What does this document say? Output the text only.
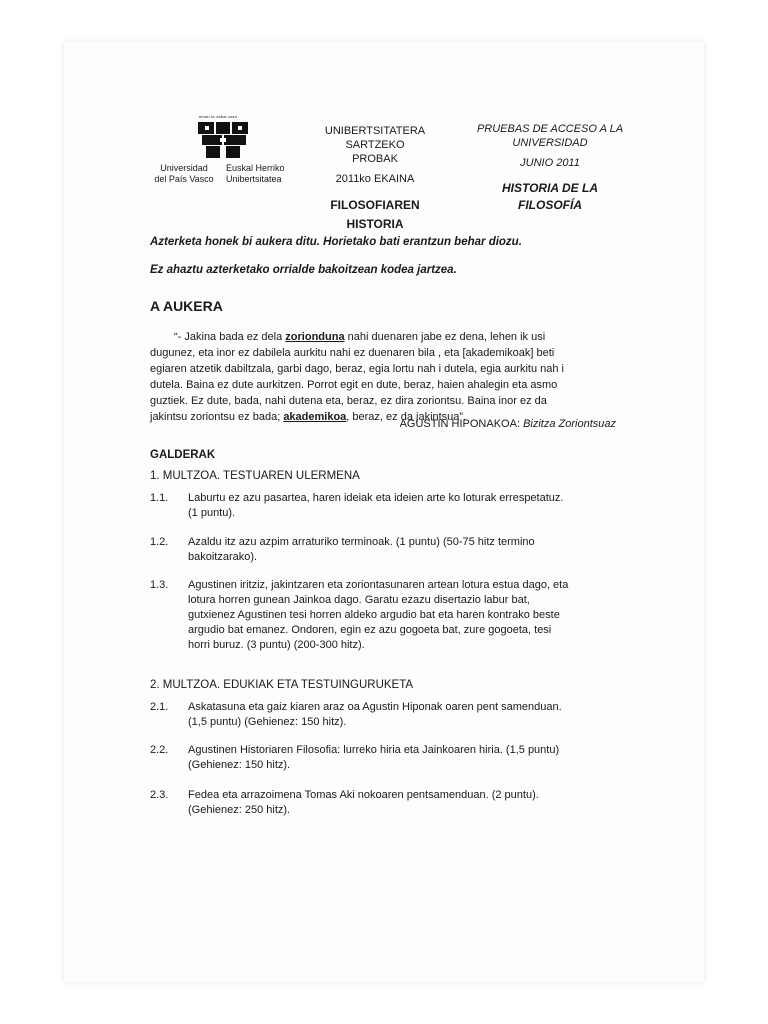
eman ta zabal zazu
Universidad
del País Vasco
Euskal Herriko
Unibertsitatea
UNIBERTSITATERA SARTZEKO
PROBAK
2011ko EKAINA
FILOSOFIAREN
HISTORIA
PRUEBAS DE ACCESO A LA
UNIVERSIDAD
JUNIO 2011
HISTORIA DE LA
FILOSOFÍA
Azterketa honek bi aukera ditu. Horietako bati erantzun behar diozu.
Ez ahaztu azterketako orrialde bakoitzean kodea jartzea.
A AUKERA
“- Jakina bada ez dela zorionduna nahi duenaren jabe ez dena, lehen ik usi
dugunez, eta inor ez dabilela aurkitu nahi ez duenaren bila , eta [akademikoak] beti
egiaren atzetik dabiltzala, garbi dago, beraz, egia lortu nah i dutela, egia aurkitu nah i
dutela. Baina ez dute aurkitzen. Porrot egit en dute, beraz, haien ahalegin eta asmo
guztiek. Ez dute, bada, nahi dutena eta, beraz, ez dira zoriontsu. Baina inor ez da
jakintsu zoriontsu ez bada; akademikoa, beraz, ez da jakintsua”.
AGUSTIN HIPONAKOA: Bizitza Zoriontsuaz
GALDERAK
1. MULTZOA. TESTUAREN ULERMENA
1.1.	Laburtu ez azu pasartea, haren ideiak eta ideien arte ko loturak errespetatuz.
(1 puntu).
1.2.	Azaldu itz azu azpim arraturiko terminoak. (1 puntu) (50-75 hitz termino
bakoitzarako).
1.3.	Agustinen iritziz, jakintzaren eta zoriontasunaren artean lotura estua dago, eta
lotura horren gunean Jainkoa dago. Garatu ezazu disertazio labur bat,
gutxienez Agustinen tesi horren aldeko argudio bat eta haren kontrako beste
argudio bat emanez. Ondoren, egin ez azu gogoeta bat, zure gogoeta, tesi
horri buruz. (3 puntu) (200-300 hitz).
2. MULTZOA. EDUKIAK ETA TESTUINGURUKETA
2.1.	Askatasuna eta gaiz kiaren araz oa Agustin Hiponak oaren pent samenduan.
(1,5 puntu) (Gehienez: 150 hitz).
2.2.	Agustinen Historiaren Filosofia: lurreko hiria eta Jainkoaren hiria. (1,5 puntu)
(Gehienez: 150 hitz).
2.3.	Fedea eta arrazoimena Tomas Aki nokoaren pentsamenduan. (2 puntu).
(Gehienez: 250 hitz).
